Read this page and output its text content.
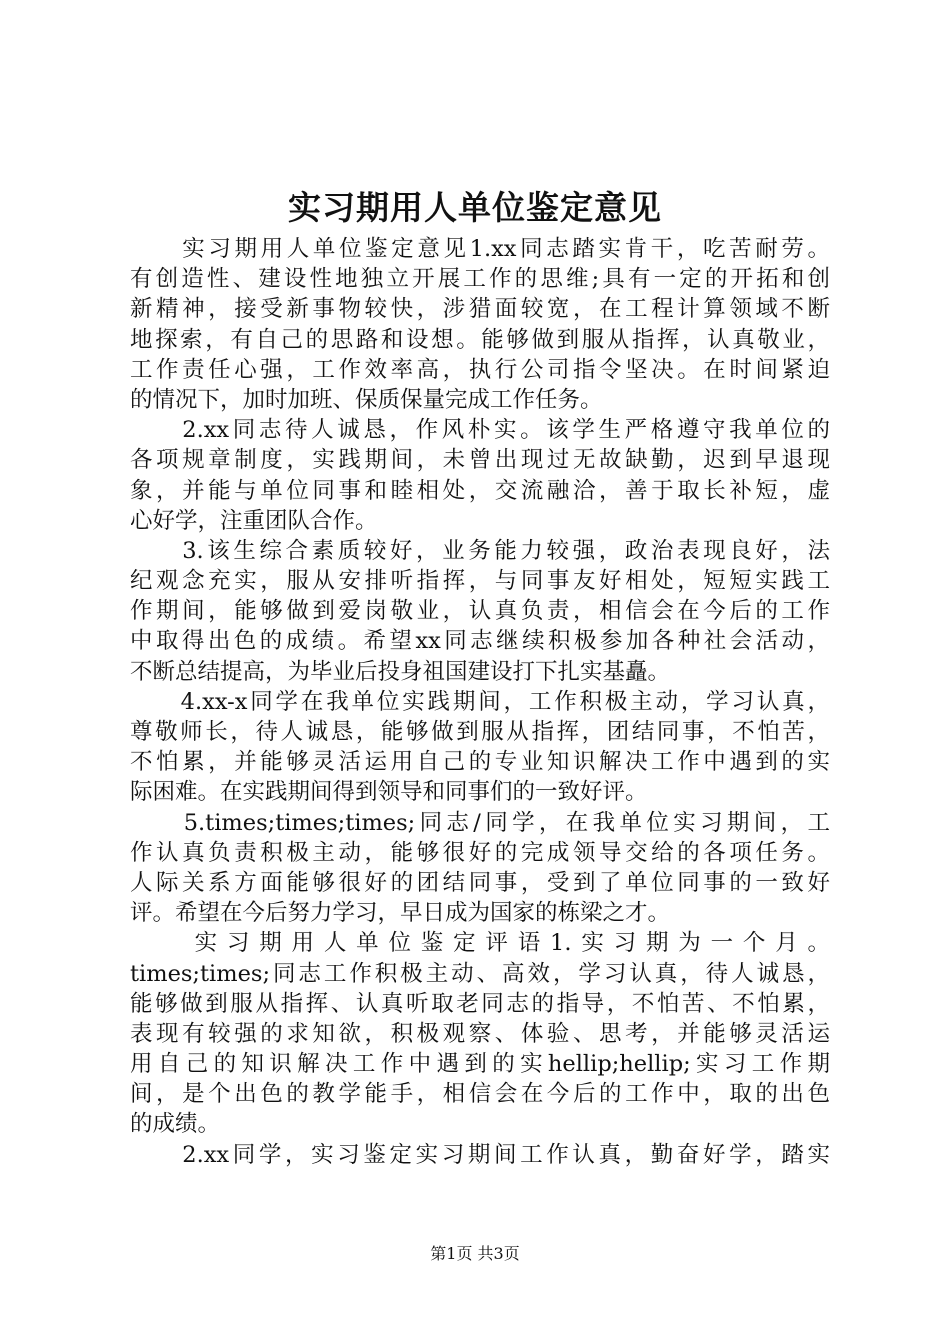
实习期用人单位鉴定意见
　　实习期用人单位鉴定意见1.xx同志踏实肯干，吃苦耐劳。
有创造性、建设性地独立开展工作的思维;具有一定的开拓和创
新精神，接受新事物较快，涉猎面较宽，在工程计算领域不断
地探索，有自己的思路和设想。能够做到服从指挥，认真敬业，
工作责任心强，工作效率高，执行公司指令坚决。在时间紧迫
的情况下，加时加班、保质保量完成工作任务。
　　2.xx同志待人诚恳，作风朴实。该学生严格遵守我单位的
各项规章制度，实践期间，未曾出现过无故缺勤，迟到早退现
象，并能与单位同事和睦相处，交流融洽，善于取长补短，虚
心好学，注重团队合作。
　　3.该生综合素质较好，业务能力较强，政治表现良好，法
纪观念充实，服从安排听指挥，与同事友好相处，短短实践工
作期间，能够做到爱岗敬业，认真负责，相信会在今后的工作
中取得出色的成绩。希望xx同志继续积极参加各种社会活动，
不断总结提高，为毕业后投身祖国建设打下扎实基矗。
　　4.xx-x同学在我单位实践期间，工作积极主动，学习认真，
尊敬师长，待人诚恳，能够做到服从指挥，团结同事，不怕苦，
不怕累，并能够灵活运用自己的专业知识解决工作中遇到的实
际困难。在实践期间得到领导和同事们的一致好评。
　　5.times;times;times;同志/同学，在我单位实习期间，工
作认真负责积极主动，能够很好的完成领导交给的各项任务。
人际关系方面能够很好的团结同事，受到了单位同事的一致好
评。希望在今后努力学习，早日成为国家的栋梁之才。
　　实习期用人单位鉴定评语1.实习期为一个月。
times;times;同志工作积极主动、高效，学习认真，待人诚恳，
能够做到服从指挥、认真听取老同志的指导，不怕苦、不怕累，
表现有较强的求知欲，积极观察、体验、思考，并能够灵活运
用自己的知识解决工作中遇到的实hellip;hellip;实习工作期
间，是个出色的教学能手，相信会在今后的工作中，取的出色
的成绩。
　　2.xx同学，实习鉴定实习期间工作认真，勤奋好学，踏实
第1页 共3页
